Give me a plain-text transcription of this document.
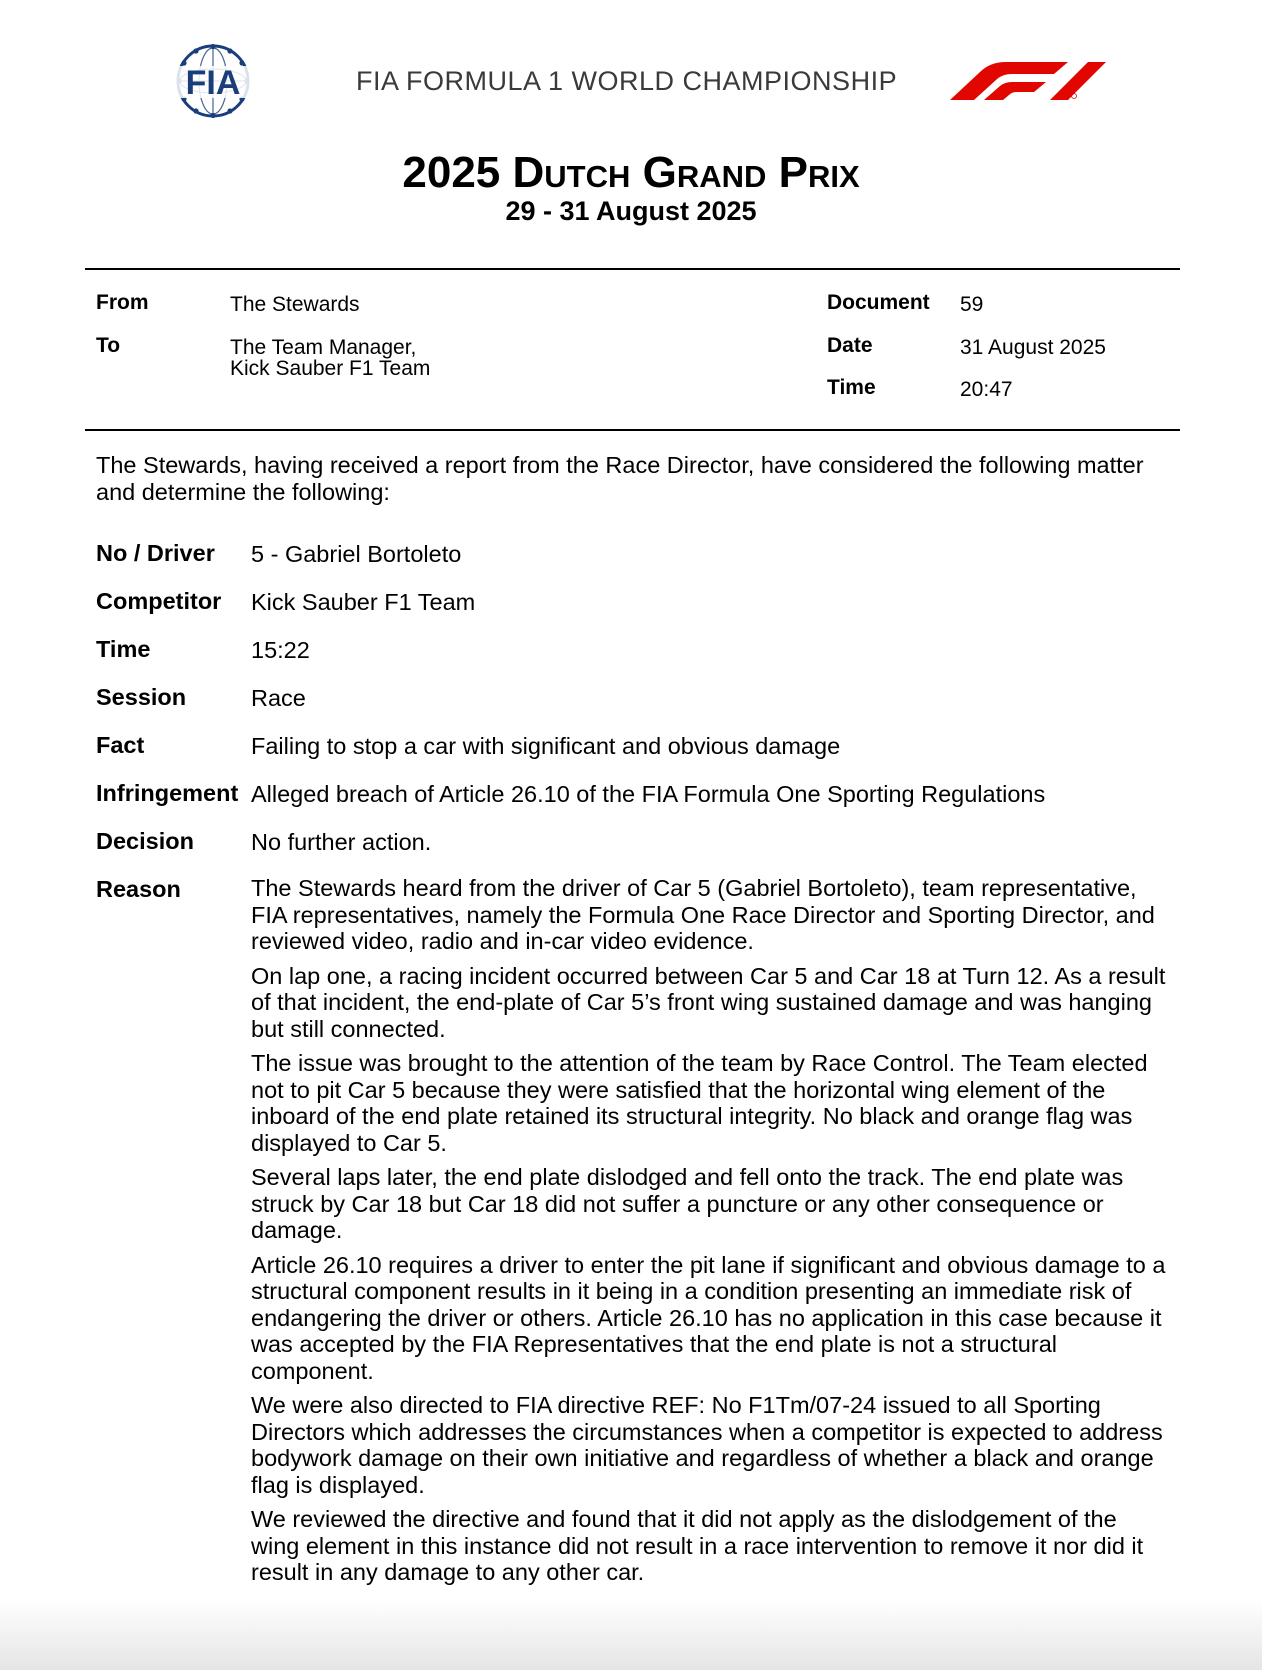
FIA	FIA FORMULA 1 WORLD CHAMPIONSHIP
2025 Dutch Grand Prix
29 - 31 August 2025
From	The Stewards
To	The Team Manager,
Kick Sauber F1 Team
Document 59
Date	31 August 2025
Time	20:47
The Stewards, having received a report from the Race Director, have considered the following matter and determine the following:
No / Driver 5 - Gabriel Bortoleto
Competitor Kick Sauber F1 Team
Time	15:22
Session	Race
Fact	Failing to stop a car with significant and obvious damage
Infringement Alleged breach of Article 26.10 of the FIA Formula One Sporting Regulations
Decision No further action.
Reason	The Stewards heard from the driver of Car 5 (Gabriel Bortoleto), team representative, FIA representatives, namely the Formula One Race Director and Sporting Director, and reviewed video, radio and in-car video evidence.

On lap one, a racing incident occurred between Car 5 and Car 18 at Turn 12. As a result of that incident, the end-plate of Car 5’s front wing sustained damage and was hanging but still connected.

The issue was brought to the attention of the team by Race Control. The Team elected not to pit Car 5 because they were satisfied that the horizontal wing element of the inboard of the end plate retained its structural integrity. No black and orange flag was displayed to Car 5.

Several laps later, the end plate dislodged and fell onto the track. The end plate was struck by Car 18 but Car 18 did not suffer a puncture or any other consequence or damage.

Article 26.10 requires a driver to enter the pit lane if significant and obvious damage to a structural component results in it being in a condition presenting an immediate risk of endangering the driver or others. Article 26.10 has no application in this case because it was accepted by the FIA Representatives that the end plate is not a structural component.

We were also directed to FIA directive REF: No F1Tm/07-24 issued to all Sporting Directors which addresses the circumstances when a competitor is expected to address bodywork damage on their own initiative and regardless of whether a black and orange flag is displayed.

We reviewed the directive and found that it did not apply as the dislodgement of the wing element in this instance did not result in a race intervention to remove it nor did it result in any damage to any other car.
